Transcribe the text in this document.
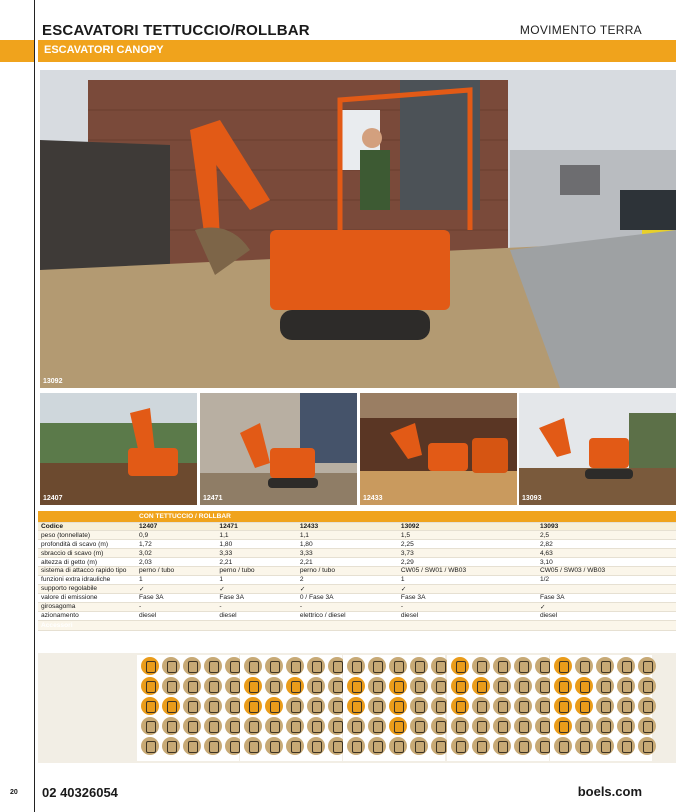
ESCAVATORI TETTUCCIO/ROLLBAR	MOVIMENTO TERRA
ESCAVATORI CANOPY
13092
12407	12471	12433	13093
	CON TETTUCCIO / ROLLBAR				
Codice	12407	12471	12433	13092	13093
peso (tonnellate)	0,9	1,1	1,1	1,5	2,5
profondità di scavo (m)	1,72	1,80	1,80	2,25	2,82
sbraccio di scavo (m)	3,02	3,33	3,33	3,73	4,63
altezza di getto (m)	2,03	2,21	2,21	2,29	3,10
sistema di attacco rapido tipo	perno / tubo	perno / tubo	perno / tubo	CW05 / SW01 / WB03	CW05 / SW03 / WB03
funzioni extra idrauliche	1	1	2	1	1/2
supporto regolabile	✓	✓	✓	✓	
valore di emissione	Fase 3A	Fase 3A	0 / Fase 3A	Fase 3A	Fase 3A
girosagoma	-	-	-	-	✓
azionamento	diesel	diesel	elettrico / diesel	diesel	diesel
Accessori					
20 02 40326054	boels.com
